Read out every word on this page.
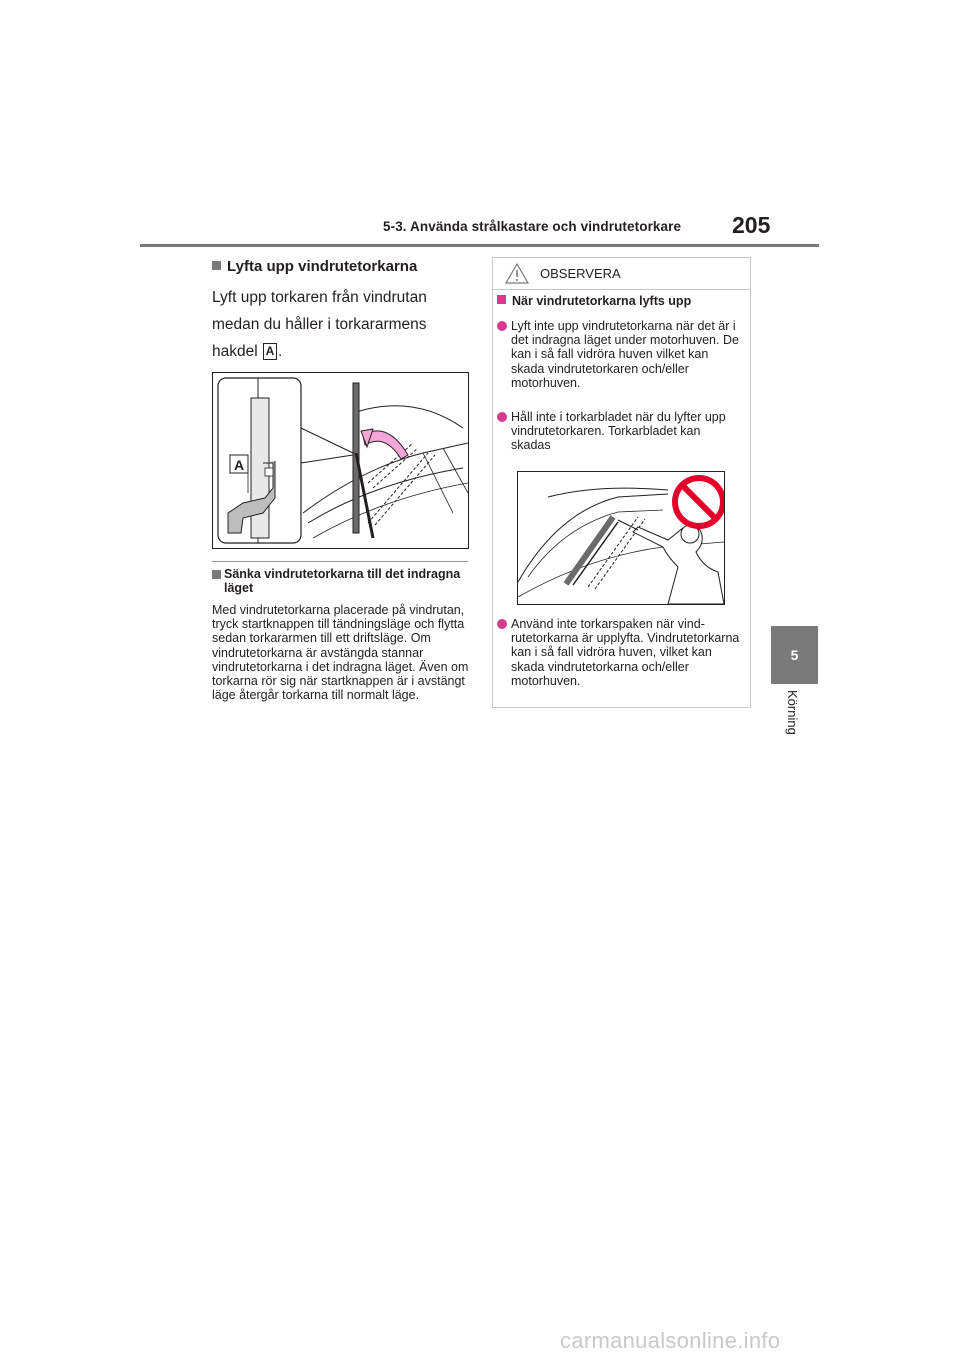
5-3. Använda strålkastare och vindrutetorkare 205
5
Körning
Lyfta upp vindrutetorkarna
Lyft upp torkaren från vindrutan
medan du håller i torkararmens
hakdel A .
A
Sänka vindrutetorkarna till det indragna läget
Med vindrutetorkarna placerade på vindrutan, tryck startknappen till tändningsläge och flytta sedan torkararmen till ett driftsläge. Om vindrutetorkarna är avstängda stannar vindrutetorkarna i det indragna läget. Även om torkarna rör sig när startknappen är i avstängt läge återgår torkarna till normalt läge.
OBSERVERA
När vindrutetorkarna lyfts upp
Lyft inte upp vindrutetorkarna när det är i det indragna läget under motorhuven. De kan i så fall vidröra huven vilket kan skada vindrutetorkaren och/eller motorhuven.
Håll inte i torkarbladet när du lyfter upp vindrutetorkaren. Torkarbladet kan skadas
Använd inte torkarspaken när vindrutetorkarna är upplyfta. Vindrutetorkarna kan i så fall vidröra huven, vilket kan skada vindrutetorkarna och/eller motorhuven.
carmanualsonline.info
